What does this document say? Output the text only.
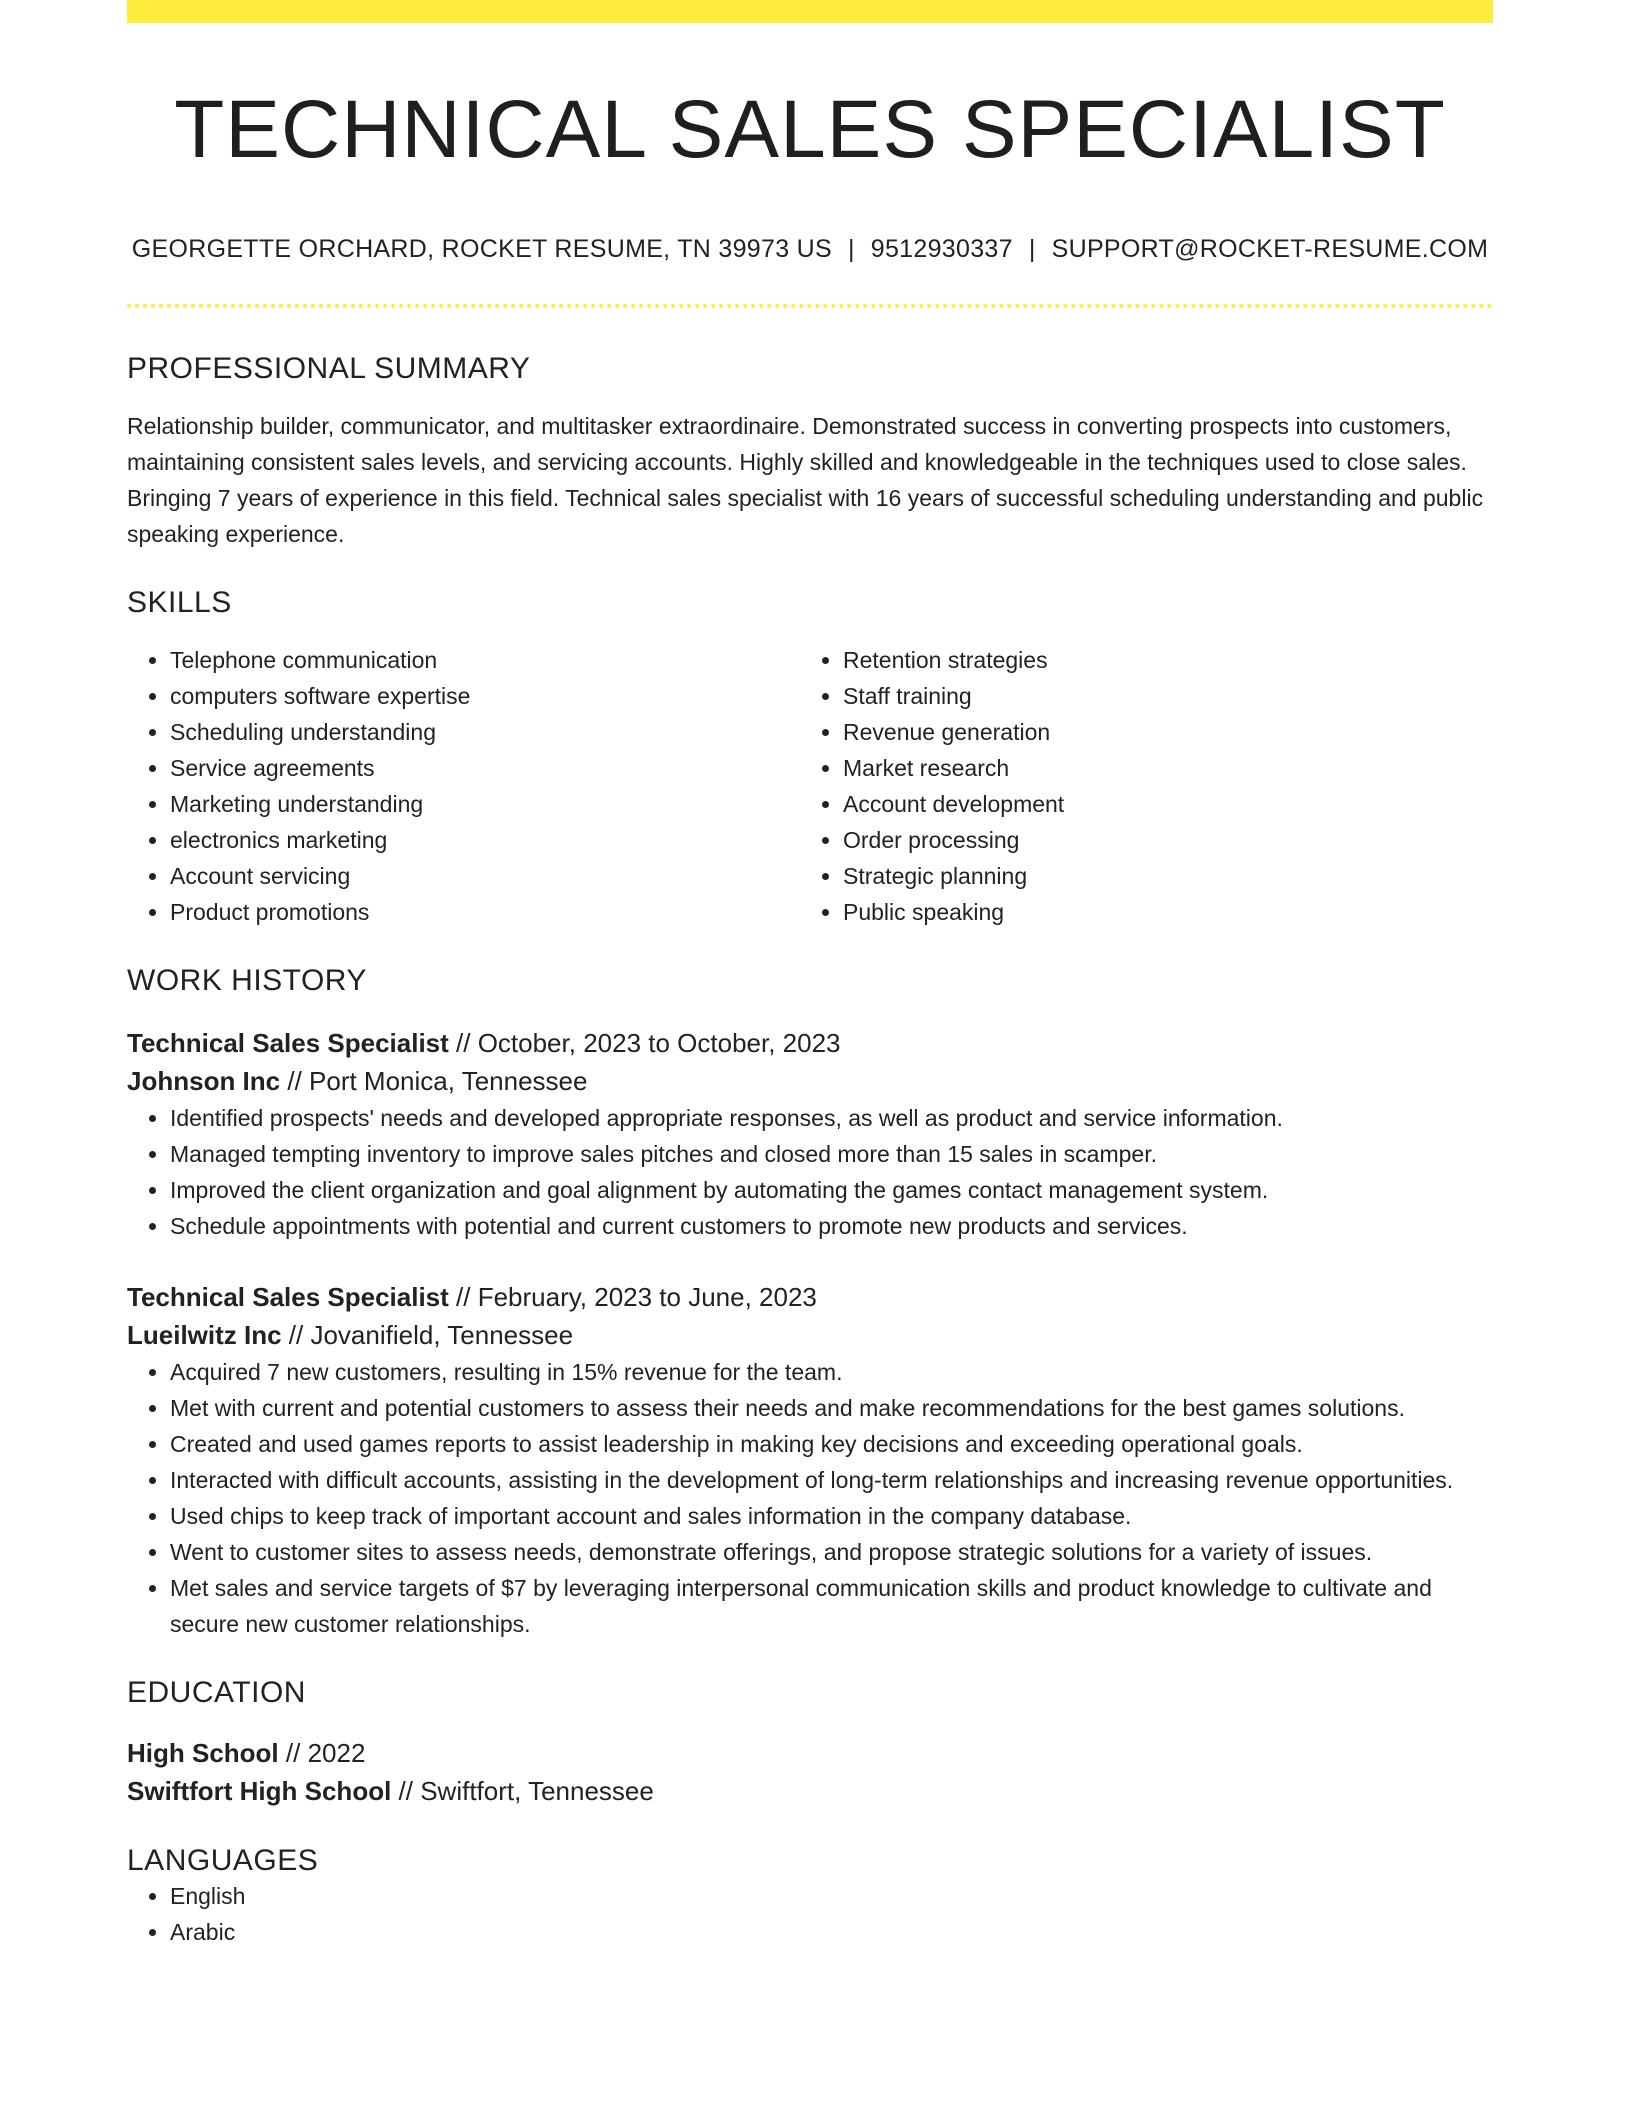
TECHNICAL SALES SPECIALIST
GEORGETTE ORCHARD, ROCKET RESUME, TN 39973 US | 9512930337 | SUPPORT@ROCKET-RESUME.COM
PROFESSIONAL SUMMARY

Relationship builder, communicator, and multitasker extraordinaire. Demonstrated success in converting prospects into customers, maintaining consistent sales levels, and servicing accounts. Highly skilled and knowledgeable in the techniques used to close sales. Bringing 7 years of experience in this field. Technical sales specialist with 16 years of successful scheduling understanding and public speaking experience.

SKILLS
• Telephone communication
• computers software expertise
• Scheduling understanding
• Service agreements
• Marketing understanding
• electronics marketing
• Account servicing
• Product promotions
• Retention strategies
• Staff training
• Revenue generation
• Market research
• Account development
• Order processing
• Strategic planning
• Public speaking
WORK HISTORY
Technical Sales Specialist // October, 2023 to October, 2023
Johnson Inc // Port Monica, Tennessee
• Identified prospects' needs and developed appropriate responses, as well as product and service information.
• Managed tempting inventory to improve sales pitches and closed more than 15 sales in scamper.
• Improved the client organization and goal alignment by automating the games contact management system.
• Schedule appointments with potential and current customers to promote new products and services.
Technical Sales Specialist // February, 2023 to June, 2023
Lueilwitz Inc // Jovanifield, Tennessee
• Acquired 7 new customers, resulting in 15% revenue for the team.
• Met with current and potential customers to assess their needs and make recommendations for the best games solutions.
• Created and used games reports to assist leadership in making key decisions and exceeding operational goals.
• Interacted with difficult accounts, assisting in the development of long-term relationships and increasing revenue opportunities.
• Used chips to keep track of important account and sales information in the company database.
• Went to customer sites to assess needs, demonstrate offerings, and propose strategic solutions for a variety of issues.
• Met sales and service targets of $7 by leveraging interpersonal communication skills and product knowledge to cultivate and secure new customer relationships.
EDUCATION
High School // 2022
Swiftfort High School // Swiftfort, Tennessee
LANGUAGES
• English
• Arabic
